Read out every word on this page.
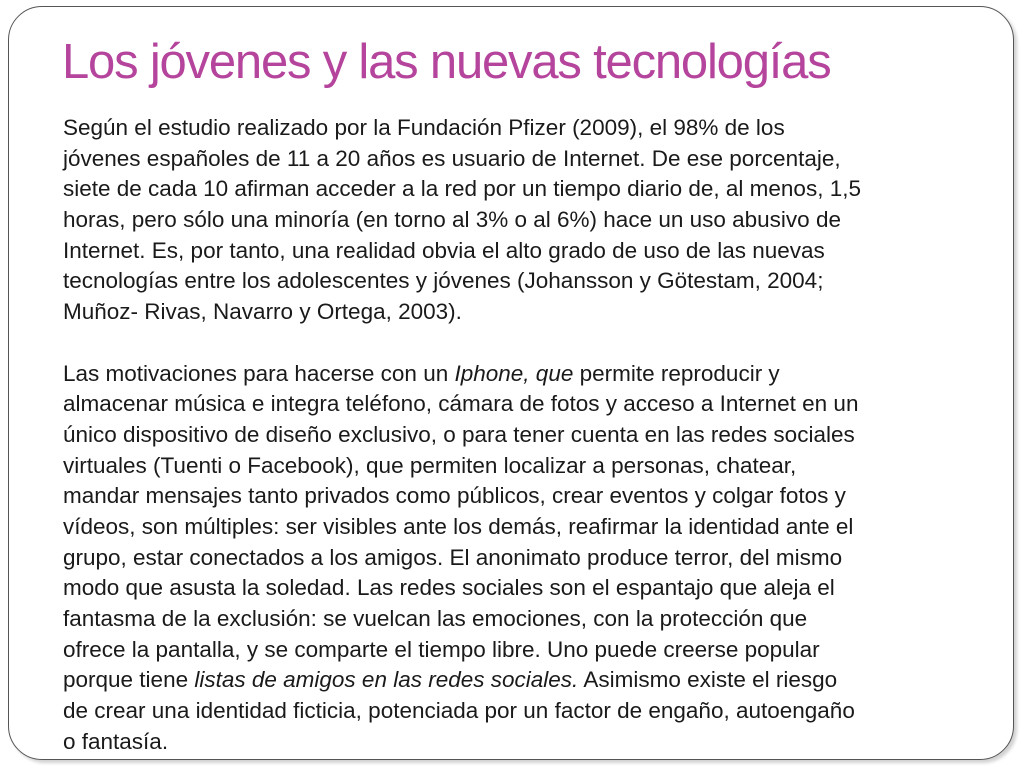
Los jóvenes y las nuevas tecnologías
Según el estudio realizado por la Fundación Pfizer (2009), el 98% de los
jóvenes españoles de 11 a 20 años es usuario de Internet. De ese porcentaje,
siete de cada 10 afirman acceder a la red por un tiempo diario de, al menos, 1,5
horas, pero sólo una minoría (en torno al 3% o al 6%) hace un uso abusivo de
Internet. Es, por tanto, una realidad obvia el alto grado de uso de las nuevas
tecnologías entre los adolescentes y jóvenes (Johansson y Götestam, 2004;
Muñoz- Rivas, Navarro y Ortega, 2003).
Las motivaciones para hacerse con un Iphone, que permite reproducir y
almacenar música e integra teléfono, cámara de fotos y acceso a Internet en un
único dispositivo de diseño exclusivo, o para tener cuenta en las redes sociales
virtuales (Tuenti o Facebook), que permiten localizar a personas, chatear,
mandar mensajes tanto privados como públicos, crear eventos y colgar fotos y
vídeos, son múltiples: ser visibles ante los demás, reafirmar la identidad ante el
grupo, estar conectados a los amigos. El anonimato produce terror, del mismo
modo que asusta la soledad. Las redes sociales son el espantajo que aleja el
fantasma de la exclusión: se vuelcan las emociones, con la protección que
ofrece la pantalla, y se comparte el tiempo libre. Uno puede creerse popular
porque tiene listas de amigos en las redes sociales. Asimismo existe el riesgo
de crear una identidad ficticia, potenciada por un factor de engaño, autoengaño
o fantasía.
